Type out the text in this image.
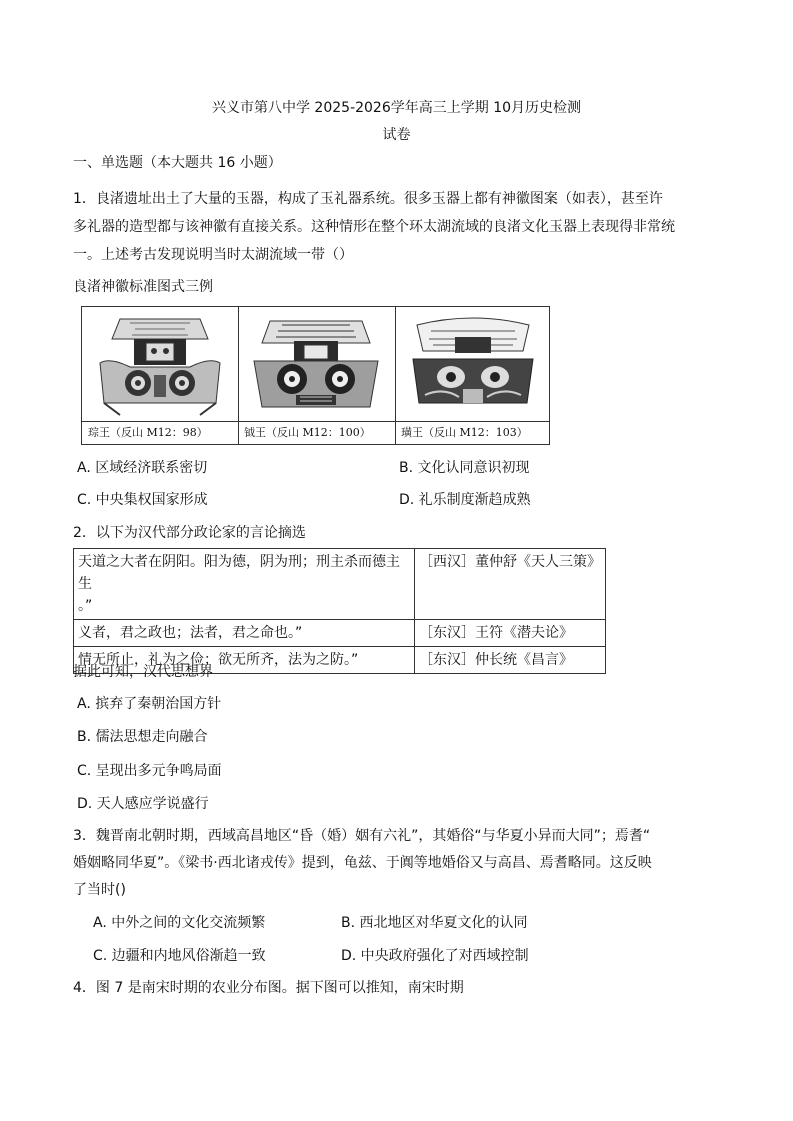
兴义市第八中学 2025-2026学年高三上学期 10月历史检测
试卷
一、单选题（本大题共 16 小题）
1．良渚遗址出土了大量的玉器，构成了玉礼器系统。很多玉器上都有神徽图案（如表），甚至许
多礼器的造型都与该神徽有直接关系。这种情形在整个环太湖流域的良渚文化玉器上表现得非常统
一。上述考古发现说明当时太湖流域一带（）
良渚神徽标准图式三例
琮王（反山 M12：98）	钺王（反山 M12：100）	璜王（反山 M12：103）
A. 区域经济联系密切	B. 文化认同意识初现
C. 中央集权国家形成	D. 礼乐制度渐趋成熟
2．以下为汉代部分政论家的言论摘选
天道之大者在阴阳。阳为德，阴为刑；刑主杀而德主生
。”	［西汉］董仲舒《天人三策》
义者，君之政也；法者，君之命也。”	［东汉］王符《潜夫论》
情无所止，礼为之俭；欲无所齐，法为之防。”	［东汉］仲长统《昌言》
据此可知，汉代思想界
A. 摈弃了秦朝治国方针
B. 儒法思想走向融合
C. 呈现出多元争鸣局面
D. 天人感应学说盛行
3．魏晋南北朝时期，西域高昌地区“昏（婚）姻有六礼”，其婚俗“与华夏小异而大同”；焉耆“
婚姻略同华夏”。《梁书·西北诸戎传》提到，龟兹、于阗等地婚俗又与高昌、焉耆略同。这反映
了当时()
A. 中外之间的文化交流频繁	B. 西北地区对华夏文化的认同
C. 边疆和内地风俗渐趋一致	D. 中央政府强化了对西域控制
4．图 7 是南宋时期的农业分布图。据下图可以推知，南宋时期
